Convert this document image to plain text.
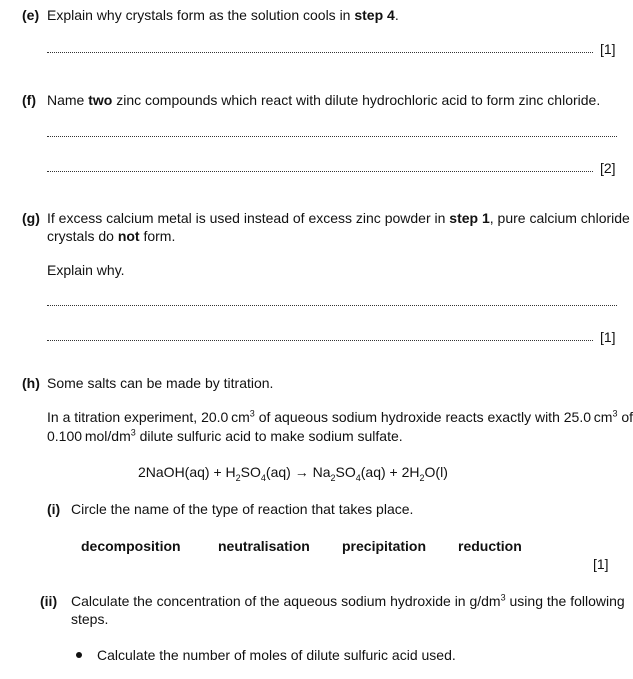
(e) Explain why crystals form as the solution cools in step 4.
[1]
(f) Name two zinc compounds which react with dilute hydrochloric acid to form zinc chloride.
[2]
(g) If excess calcium metal is used instead of excess zinc powder in step 1, pure calcium chloride
crystals do not form.
Explain why.
[1]
(h) Some salts can be made by titration.
In a titration experiment, 20.0 $cm^3$ of aqueous sodium hydroxide reacts exactly with 25.0 $cm^3$ of
0.100 mol/$dm^3$ dilute sulfuric acid to make sodium sulfate.
2NaOH(aq) + $H_2SO_4(aq) \to Na_2SO_4(aq) + 2H_2O(l)$
(i) Circle the name of the type of reaction that takes place.
decomposition	neutralisation precipitation reduction
[1]
(ii) Calculate the concentration of the aqueous sodium hydroxide in $g/dm^3$ using the following
steps.
Calculate the number of moles of dilute sulfuric acid used.
